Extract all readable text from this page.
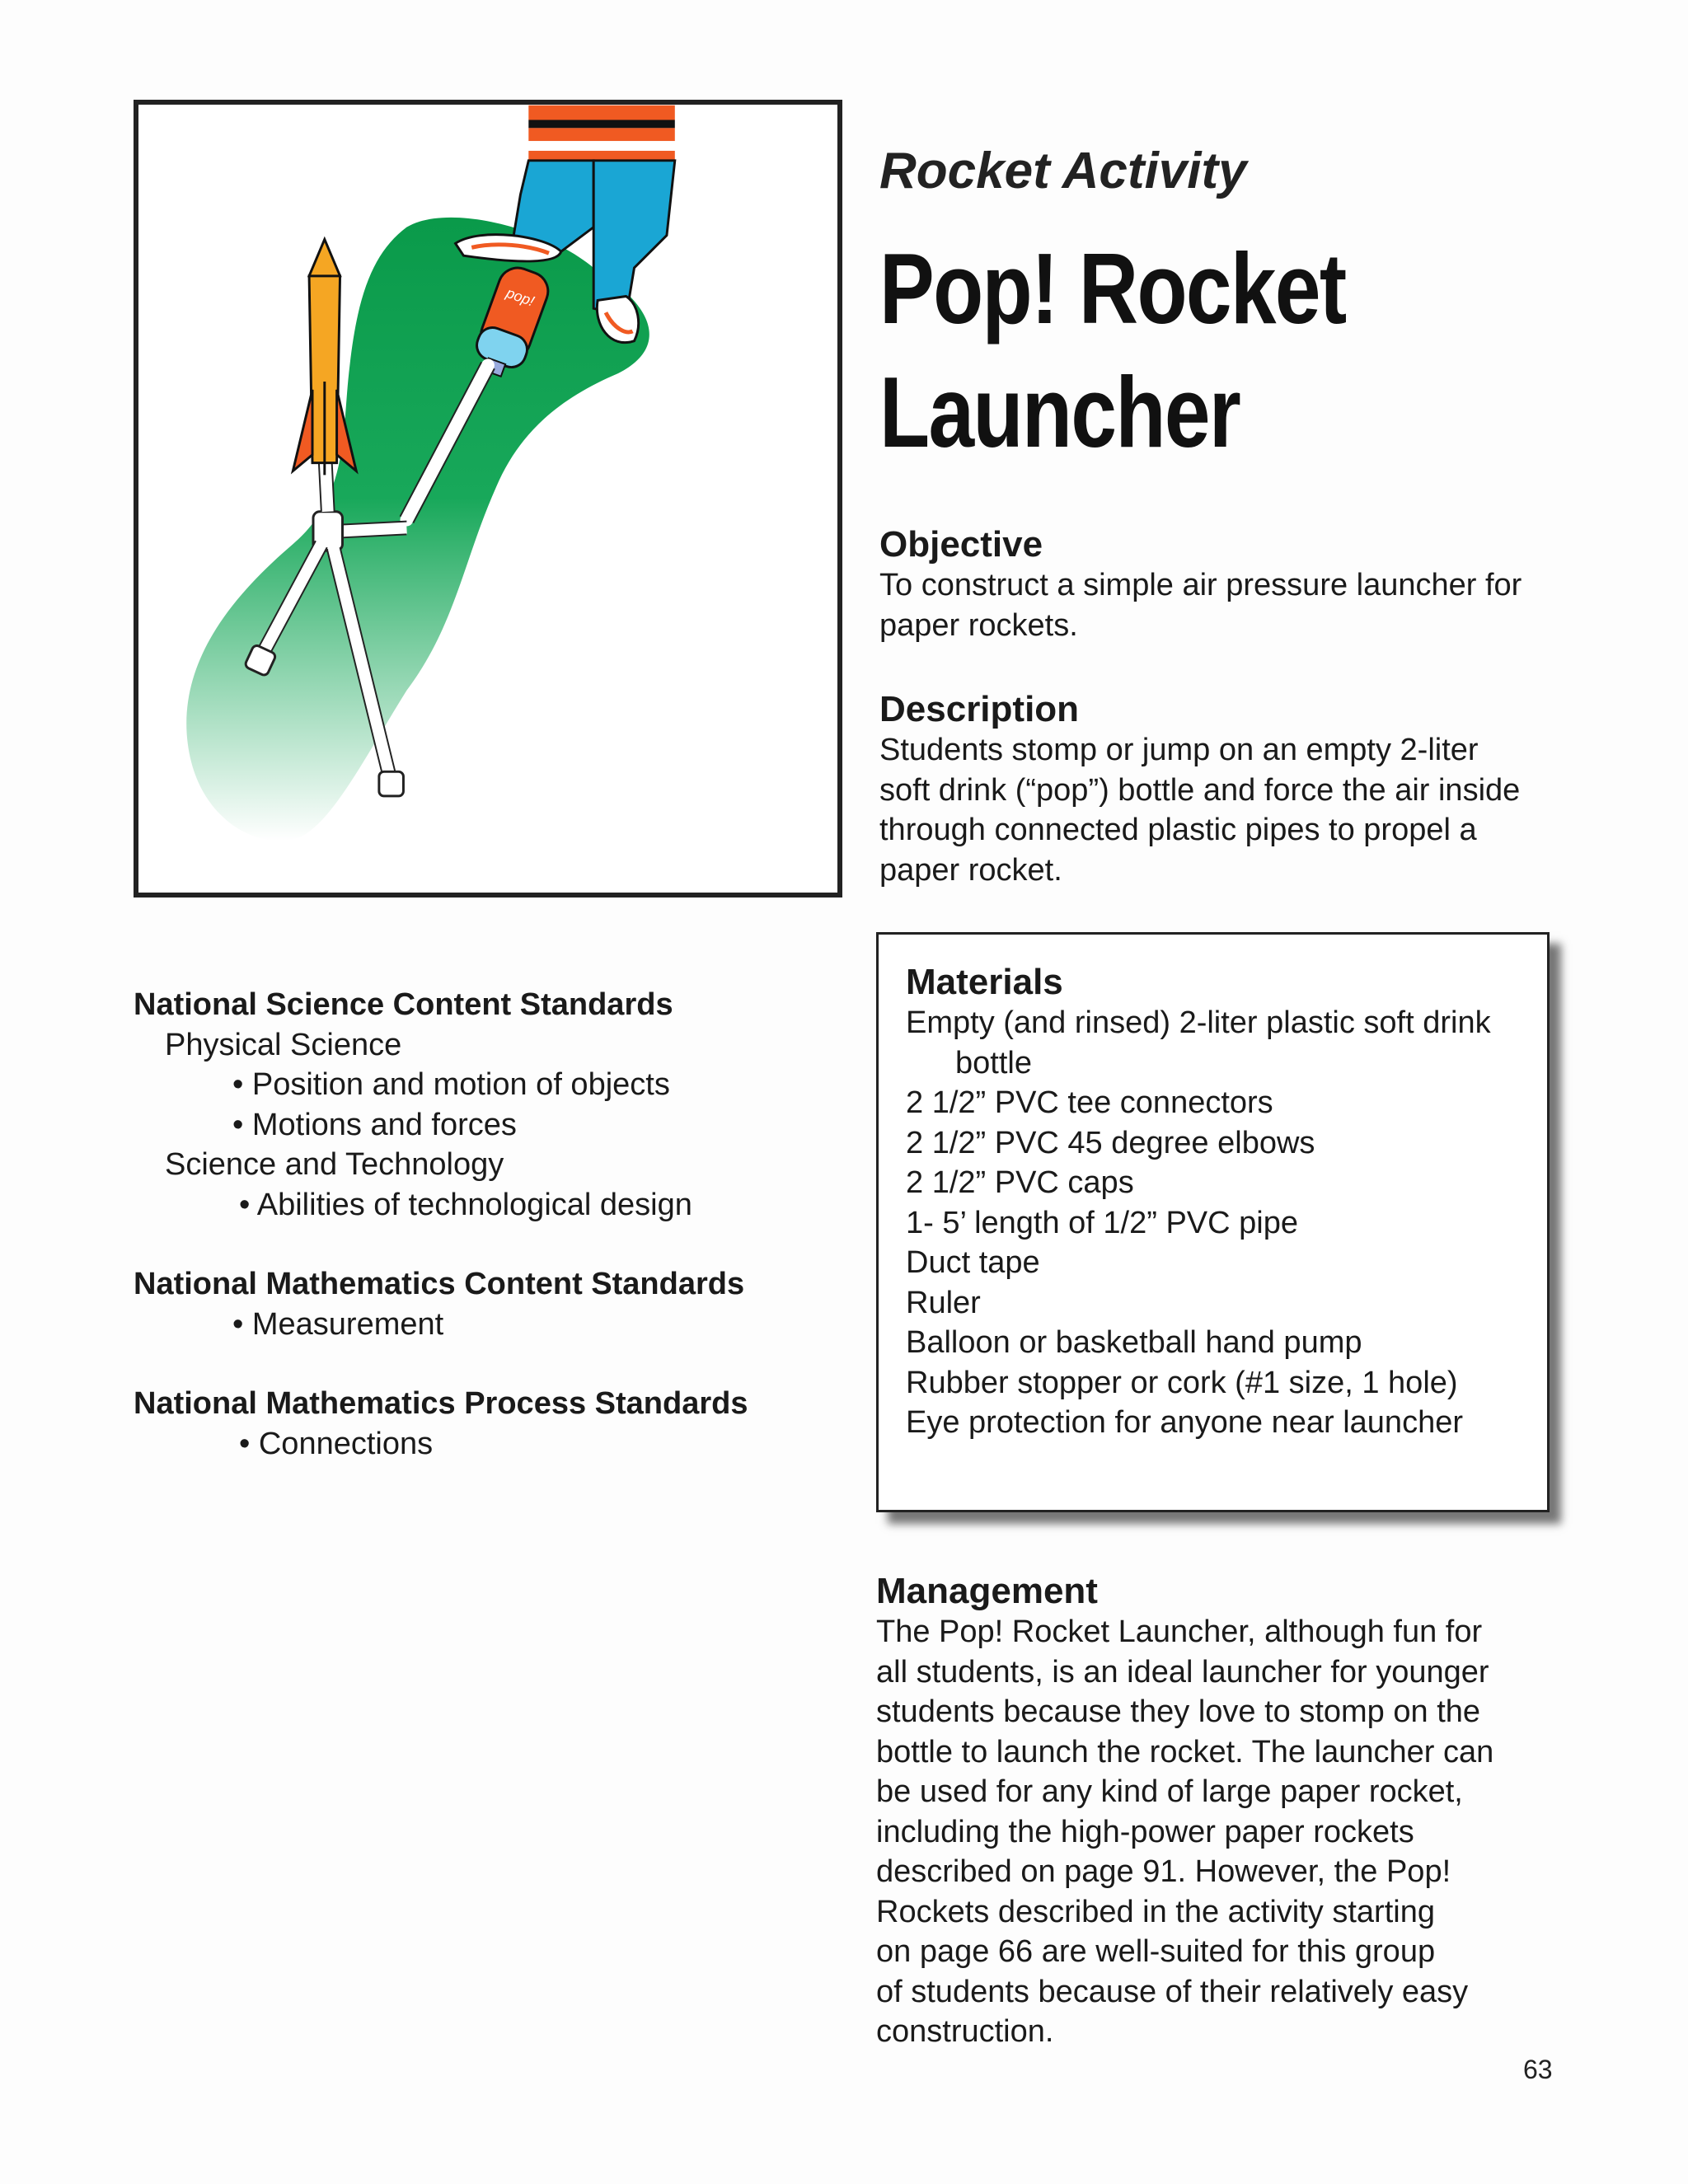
pop!
Rocket Activity
Pop! Rocket
Launcher
Objective
To construct a simple air pressure launcher for
paper rockets.
Description
Students stomp or jump on an empty 2-liter
soft drink (“pop”) bottle and force the air inside
through connected plastic pipes to propel a
paper rocket.
Materials
Empty (and rinsed) 2-liter plastic soft drink
bottle
2 1/2” PVC tee connectors
2 1/2” PVC 45 degree elbows
2 1/2” PVC caps
1- 5’ length of 1/2” PVC pipe
Duct tape
Ruler
Balloon or basketball hand pump
Rubber stopper or cork (#1 size, 1 hole)
Eye protection for anyone near launcher
National Science Content Standards
Physical Science
• Position and motion of objects
• Motions and forces
Science and Technology
• Abilities of technological design
National Mathematics Content Standards
• Measurement
National Mathematics Process Standards
• Connections
Management
The Pop! Rocket Launcher, although fun for
all students, is an ideal launcher for younger
students because they love to stomp on the
bottle to launch the rocket. The launcher can
be used for any kind of large paper rocket,
including the high-power paper rockets
described on page 91. However, the Pop!
Rockets described in the activity starting
on page 66 are well-suited for this group
of students because of their relatively easy
construction.
63
